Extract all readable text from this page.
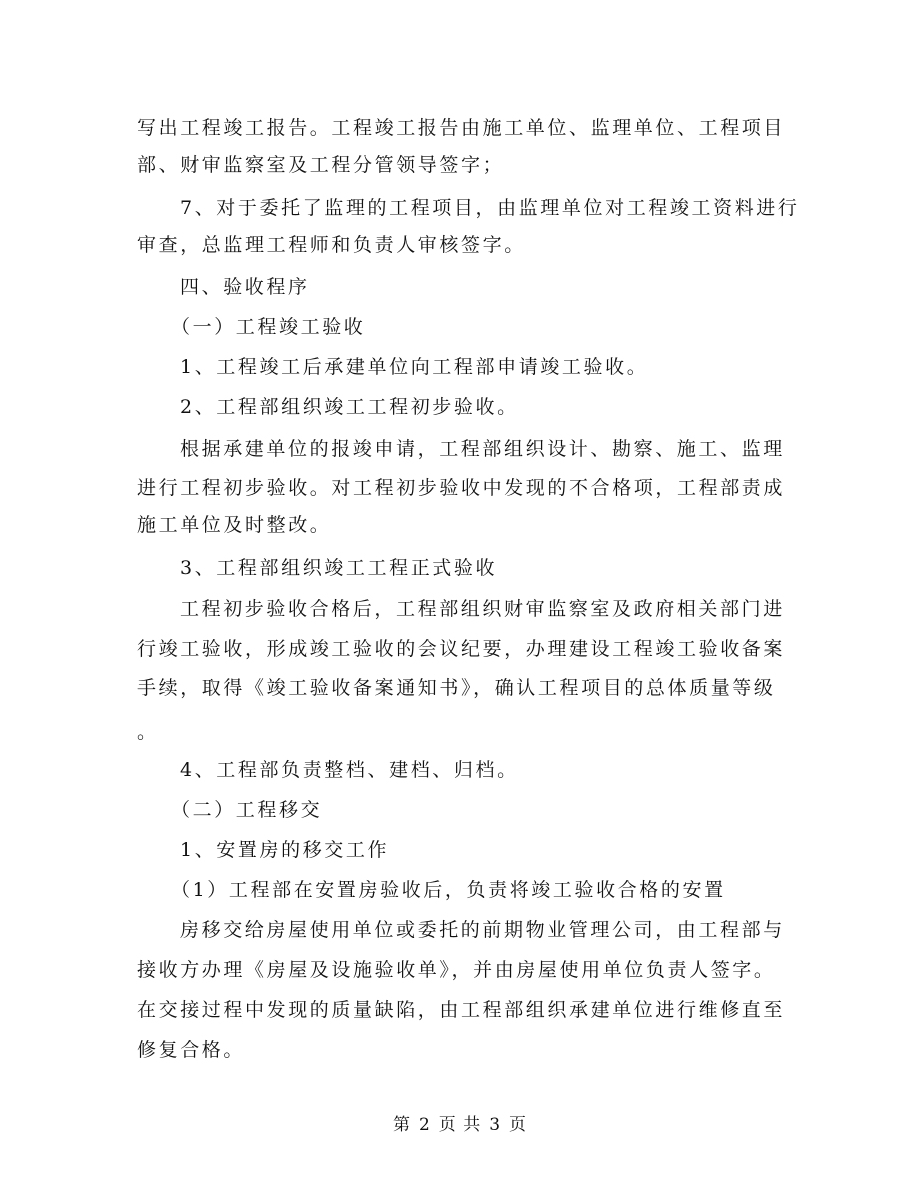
写出工程竣工报告。工程竣工报告由施工单位、监理单位、工程项目
部、财审监察室及工程分管领导签字；
7、对于委托了监理的工程项目，由监理单位对工程竣工资料进行
审查，总监理工程师和负责人审核签字。
四、验收程序
（一）工程竣工验收
1、工程竣工后承建单位向工程部申请竣工验收。
2、工程部组织竣工工程初步验收。
根据承建单位的报竣申请，工程部组织设计、勘察、施工、监理
进行工程初步验收。对工程初步验收中发现的不合格项，工程部责成
施工单位及时整改。
3、工程部组织竣工工程正式验收
工程初步验收合格后，工程部组织财审监察室及政府相关部门进
行竣工验收，形成竣工验收的会议纪要，办理建设工程竣工验收备案
手续，取得《竣工验收备案通知书》，确认工程项目的总体质量等级
。
4、工程部负责整档、建档、归档。
（二）工程移交
1、安置房的移交工作
（1）工程部在安置房验收后，负责将竣工验收合格的安置
房移交给房屋使用单位或委托的前期物业管理公司，由工程部与
接收方办理《房屋及设施验收单》，并由房屋使用单位负责人签字。
在交接过程中发现的质量缺陷，由工程部组织承建单位进行维修直至
修复合格。
第 2 页 共 3 页
